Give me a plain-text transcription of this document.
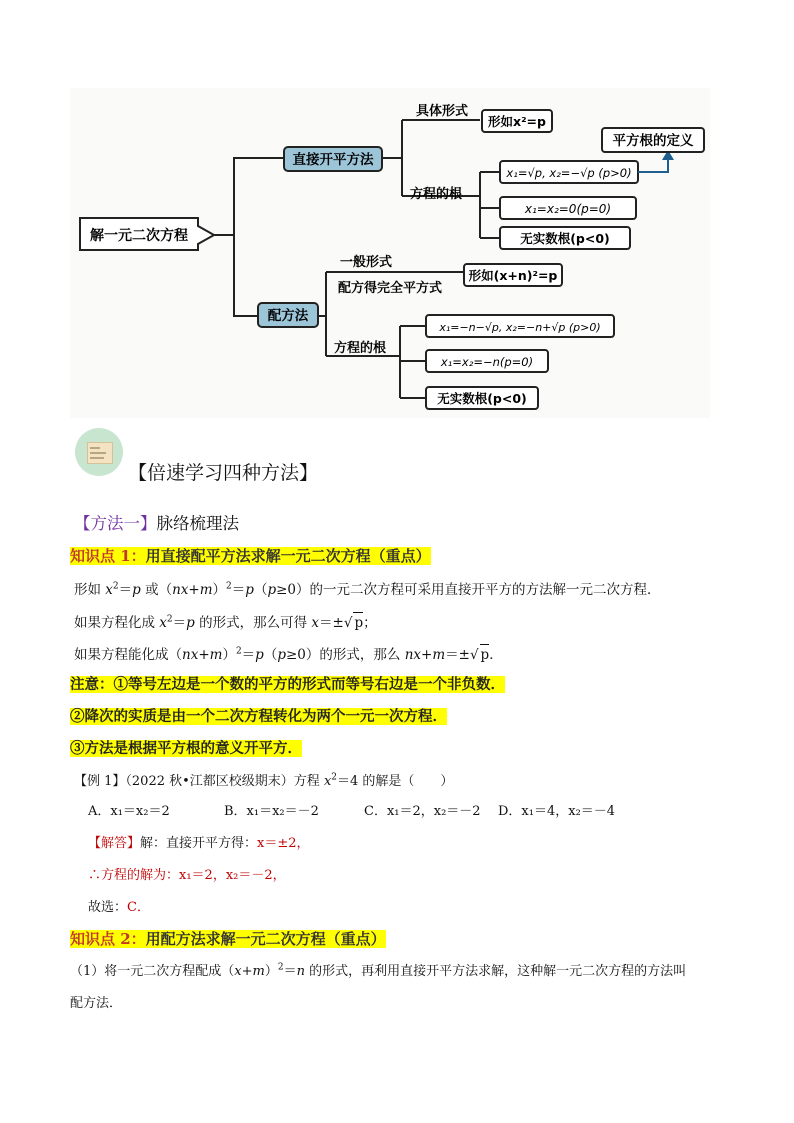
解一元二次方程
直接开平方法
具体形式
形如x²=p
方程的根
x₁=√p, x₂=−√p (p>0)
x₁=x₂=0(p=0)
无实数根(p<0)
平方根的定义
配方法
一般形式
配方得完全平方式
形如(x+n)²=p
方程的根
x₁=−n−√p, x₂=−n+√p (p>0)
x₁=x₂=−n(p=0)
无实数根(p<0)
【倍速学习四种方法】
【方法一】脉络梳理法
知识点 1：用直接配平方法求解一元二次方程（重点）
形如 $x^2=p$ 或$(nx+m)^2=p(p\ge 0)$的一元二次方程可采用直接开平方的方法解一元二次方程．
如果方程化成 $x^2=p$ 的形式，那么可得 x＝±√ p；
如果方程能化成$(nx+m)^2=p(p\ge 0)$的形式，那么 nx+m＝±√ p．
注意：①等号左边是一个数的平方的形式而等号右边是一个非负数．
②降次的实质是由一个二次方程转化为两个一元一次方程．
③方法是根据平方根的意义开平方．
【例 1】（2022 秋•江都区校级期末）方程 $x^2=4$ 的解是（　　）
A．x₁＝x₂＝2	B．x₁＝x₂＝－2	C．x₁＝2，x₂＝－2 D．x₁＝4，x₂＝－4
【解答】解：直接开平方得：x＝±2，
∴方程的解为：x₁＝2，x₂＝－2，
故选：C．
知识点 2：用配方法求解一元二次方程（重点）
（1）将一元二次方程配成$(x+m)^2=n$ 的形式，再利用直接开平方法求解，这种解一元二次方程的方法叫
配方法．
